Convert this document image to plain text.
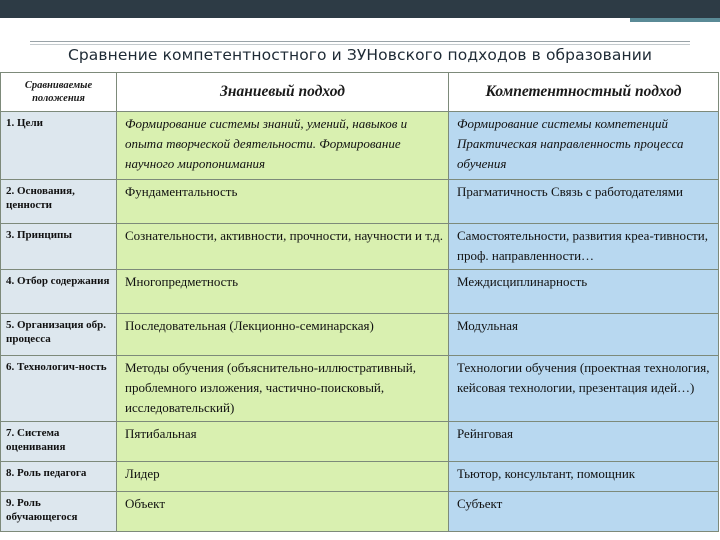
Сравнение компетентностного и ЗУНовского подходов в образовании
Сравниваемые положения	Знаниевый подход	Компетентностный подход
1. Цели	Формирование системы знаний, умений, навыков и опыта творческой деятельности. Формирование научного миропонимания	Формирование системы компетенций Практическая направленность процесса обучения
2. Основания, ценности	Фундаментальность	Прагматичность Связь с работодателями
3. Принципы	Сознательности, активности, прочности, научности и т.д.	Самостоятельности, развития креа-тивности, проф. направленности…
4. Отбор содержания	Многопредметность	Междисциплинарность
5. Организация обр. процесса	Последовательная (Лекционно-семинарская)	Модульная
6. Технологич-ность	Методы обучения (объяснительно-иллюстративный, проблемного изложения, частично-поисковый, исследовательский)	Технологии обучения (проектная технология, кейсовая технологии, презентация идей…)
7. Система оценивания	Пятибальная	Рейнговая
8. Роль педагога	Лидер	Тьютор, консультант, помощник
9. Роль обучающегося	Объект	Субъект
